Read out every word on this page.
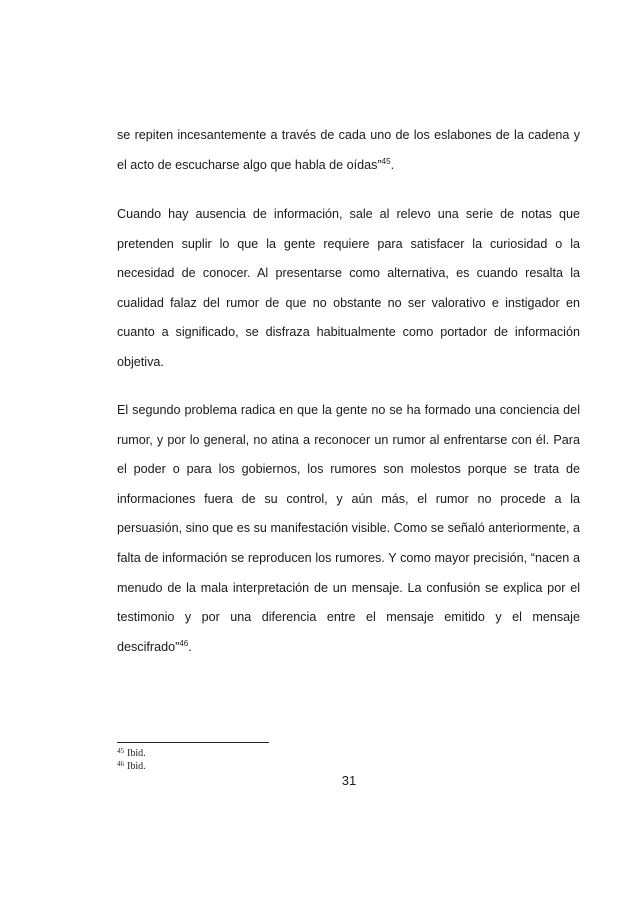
se repiten incesantemente a través de cada uno de los eslabones de la cadena y el acto de escucharse algo que habla de oídas”$^{45}$.

Cuando hay ausencia de información, sale al relevo una serie de notas que pretenden suplir lo que la gente requiere para satisfacer la curiosidad o la necesidad de conocer. Al presentarse como alternativa, es cuando resalta la cualidad falaz del rumor de que no obstante no ser valorativo e instigador en cuanto a significado, se disfraza habitualmente como portador de información objetiva.

El segundo problema radica en que la gente no se ha formado una conciencia del rumor, y por lo general, no atina a reconocer un rumor al enfrentarse con él. Para el poder o para los gobiernos, los rumores son molestos porque se trata de informaciones fuera de su control, y aún más, el rumor no procede a la persuasión, sino que es su manifestación visible. Como se señaló anteriormente, a falta de información se reproducen los rumores. Y como mayor precisión, “nacen a menudo de la mala interpretación de un mensaje. La confusión se explica por el testimonio y por una diferencia entre el mensaje emitido y el mensaje descifrado”$^{46}$.

$^{45}$ Ibid.
$^{46}$ Ibid.
31
